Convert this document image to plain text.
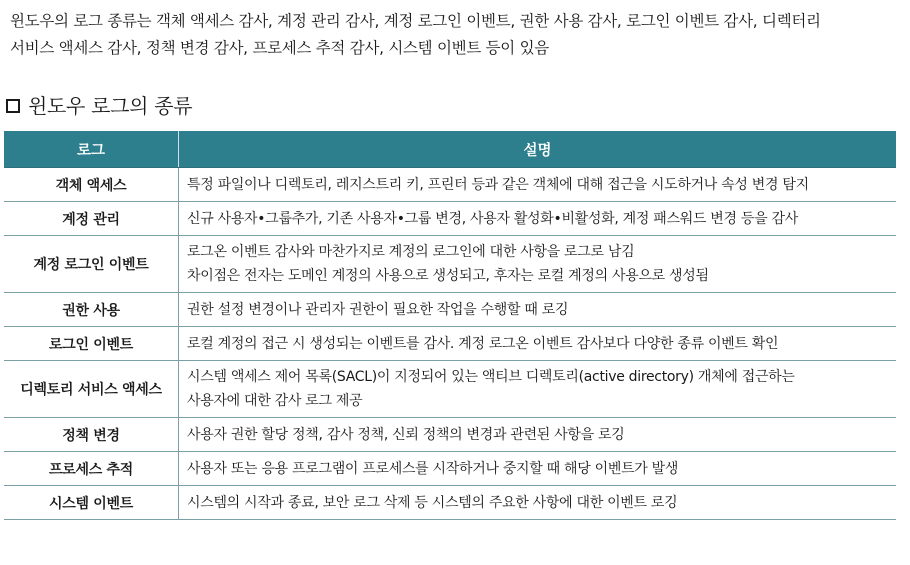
윈도우의 로그 종류는 객체 액세스 감사, 계정 관리 감사, 계정 로그인 이벤트, 권한 사용 감사, 로그인 이벤트 감사, 디렉터리
서비스 액세스 감사, 정책 변경 감사, 프로세스 추적 감사, 시스템 이벤트 등이 있음
윈도우 로그의 종류
로그	설명
객체 액세스	특정 파일이나 디렉토리, 레지스트리 키, 프린터 등과 같은 객체에 대해 접근을 시도하거나 속성 변경 탐지

계정 관리	신규 사용자•그룹추가, 기존 사용자•그룹 변경, 사용자 활성화•비활성화, 계정 패스워드 변경 등을 감사

계정 로그인 이벤트	로그온 이벤트 감사와 마찬가지로 계정의 로그인에 대한 사항을 로그로 남김
차이점은 전자는 도메인 계정의 사용으로 생성되고, 후자는 로컬 계정의 사용으로 생성됨

권한 사용	권한 설정 변경이나 관리자 권한이 필요한 작업을 수행할 때 로깅

로그인 이벤트	로컬 계정의 접근 시 생성되는 이벤트를 감사. 계정 로그온 이벤트 감사보다 다양한 종류 이벤트 확인

디렉토리 서비스 액세스	시스템 액세스 제어 목록(SACL)이 지정되어 있는 액티브 디렉토리(active directory) 개체에 접근하는
사용자에 대한 감사 로그 제공

정책 변경	사용자 권한 할당 정책, 감사 정책, 신뢰 정책의 변경과 관련된 사항을 로깅

프로세스 추적	사용자 또는 응용 프로그램이 프로세스를 시작하거나 중지할 때 해당 이벤트가 발생

시스템 이벤트	시스템의 시작과 종료, 보안 로그 삭제 등 시스템의 주요한 사항에 대한 이벤트 로깅
